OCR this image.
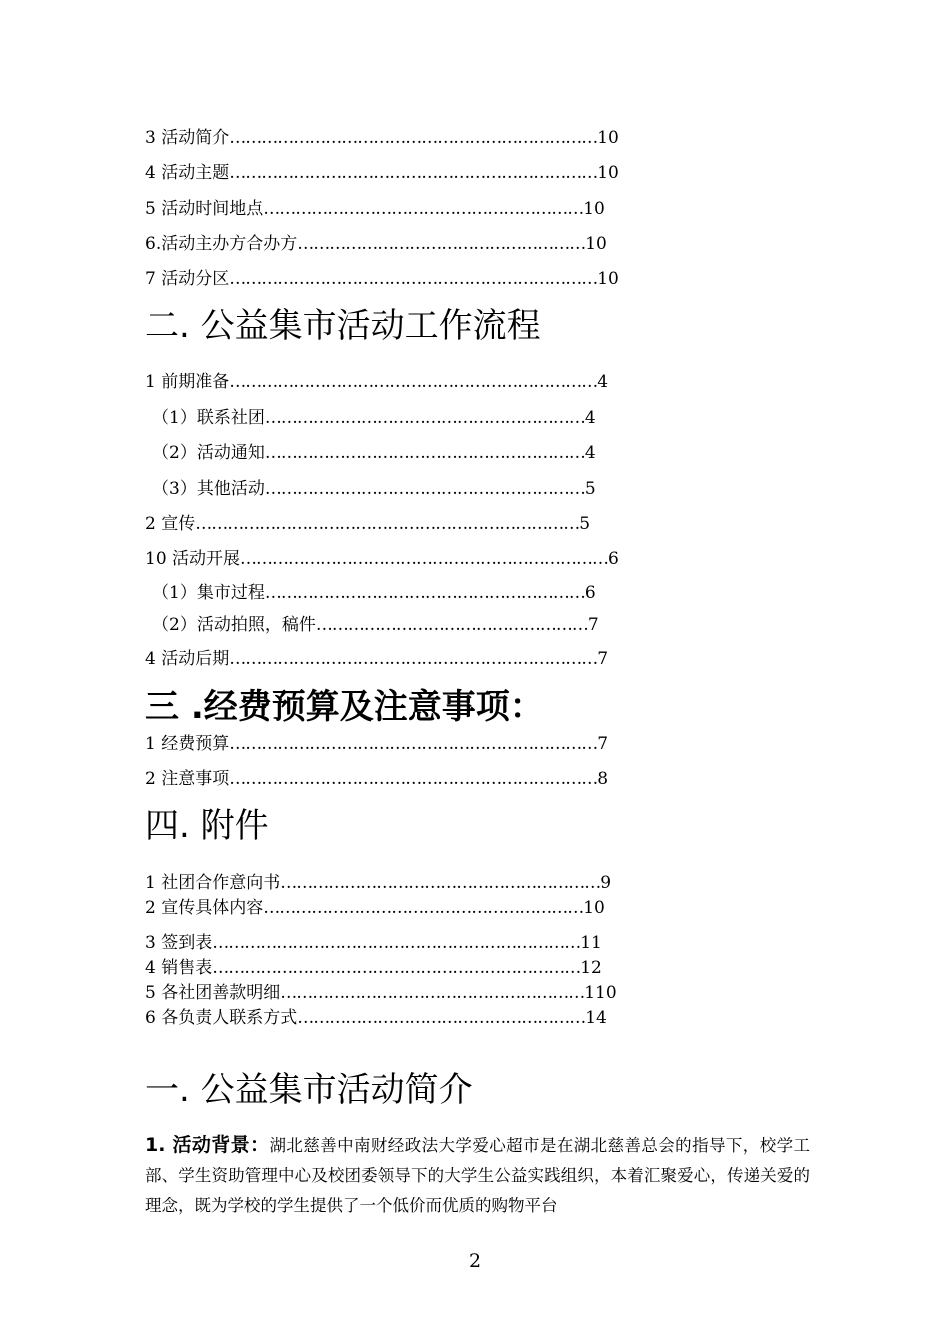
3 活动简介……………………………………………………………10
4 活动主题……………………………………………………………10
5 活动时间地点……………………………………………………10
6.活动主办方合办方………………………………………………10
7 活动分区……………………………………………………………10
二. 公益集市活动工作流程
1 前期准备……………………………………………………………4
（1）联系社团……………………………………………………4
（2）活动通知……………………………………………………4
（3）其他活动……………………………………………………5
2 宣传………………………………………………………………5
10 活动开展……………………………………………………………6
（1）集市过程……………………………………………………6
（2）活动拍照，稿件……………………………………………7
4 活动后期……………………………………………………………7
三 .经费预算及注意事项：
1 经费预算……………………………………………………………7
2 注意事项……………………………………………………………8
四. 附件
1 社团合作意向书……………………………………………………9
2 宣传具体内容……………………………………………………10
3 签到表……………………………………………………………11
4 销售表……………………………………………………………12
5 各社团善款明细…………………………………………………110
6 各负责人联系方式………………………………………………14
一. 公益集市活动简介
1. 活动背景：湖北慈善中南财经政法大学爱心超市是在湖北慈善总会的指导下，校学工部、学生资助管理中心及校团委领导下的大学生公益实践组织，本着汇聚爱心，传递关爱的理念，既为学校的学生提供了一个低价而优质的购物平台
2
